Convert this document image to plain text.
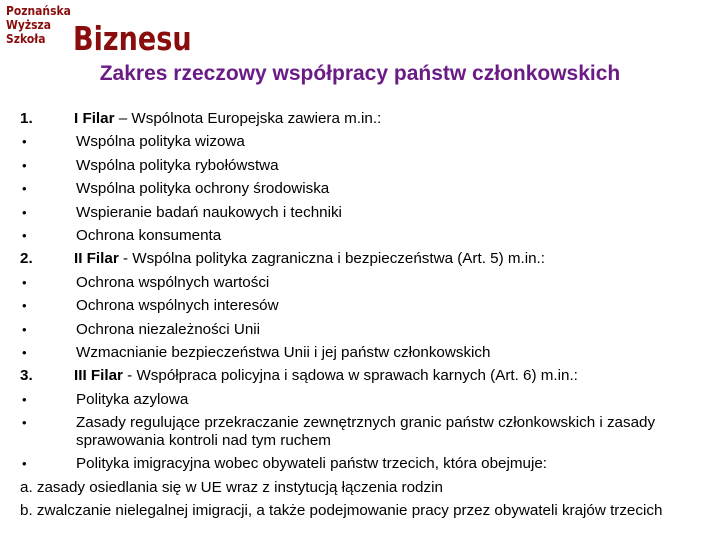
Poznańska
Wyższa
Szkoła Biznesu
Zakres rzeczowy współpracy państw członkowskich
1.	I Filar – Wspólnota Europejska zawiera m.in.:
•	Wspólna polityka wizowa
•	Wspólna polityka rybołówstwa
•	Wspólna polityka ochrony środowiska
•	Wspieranie badań naukowych i techniki
•	Ochrona konsumenta
2.	II Filar - Wspólna polityka zagraniczna i bezpieczeństwa (Art. 5) m.in.:
•	Ochrona wspólnych wartości
•	Ochrona wspólnych interesów
•	Ochrona niezależności Unii
•	Wzmacnianie bezpieczeństwa Unii i jej państw członkowskich
3.	III Filar - Współpraca policyjna i sądowa w sprawach karnych (Art. 6) m.in.:
•	Polityka azylowa
•	Zasady regulujące przekraczanie zewnętrznych granic państw członkowskich i zasady sprawowania kontroli nad tym ruchem
•	Polityka imigracyjna wobec obywateli państw trzecich, która obejmuje:
a. zasady osiedlania się w UE wraz z instytucją łączenia rodzin
b. zwalczanie nielegalnej imigracji, a także podejmowanie pracy przez obywateli krajów trzecich
